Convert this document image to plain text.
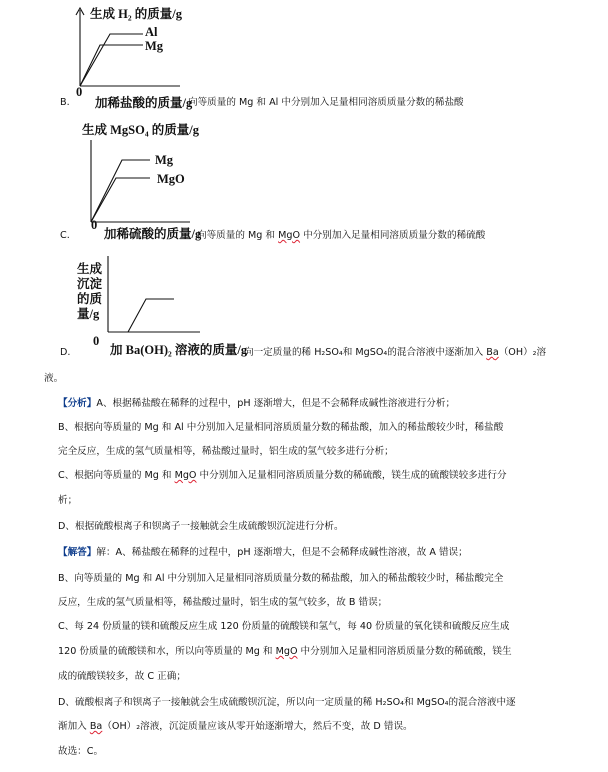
生成 H₂ 的质量/g
Al
Mg
0
B. 加稀盐酸的质量/g
向等质量的 Mg 和 Al 中分别加入足量相同溶质质量分数的稀盐酸
生成 MgSO₄ 的质量/g
Mg
MgO
0
C.	加稀硫酸的质量/g
向等质量的 Mg 和 MgO 中分别加入足量相同溶质质量分数的稀硫酸
生成
沉淀
的质
量/g
0
D.	加 Ba(OH)₂ 溶液的质量/g
向一定质量的稀 H₂SO₄和 MgSO₄的混合溶液中逐渐加入 Ba（OH）₂溶
液。
【分析】A、根据稀盐酸在稀释的过程中，pH 逐渐增大，但是不会稀释成碱性溶液进行分析；
B、根据向等质量的 Mg 和 Al 中分别加入足量相同溶质质量分数的稀盐酸，加入的稀盐酸较少时，稀盐酸
完全反应，生成的氢气质量相等，稀盐酸过量时，铝生成的氢气较多进行分析；
C、根据向等质量的 Mg 和 MgO 中分别加入足量相同溶质质量分数的稀硫酸，镁生成的硫酸镁较多进行分
析；
D、根据硫酸根离子和钡离子一接触就会生成硫酸钡沉淀进行分析。
【解答】解：A、稀盐酸在稀释的过程中，pH 逐渐增大，但是不会稀释成碱性溶液，故 A 错误；
B、向等质量的 Mg 和 Al 中分别加入足量相同溶质质量分数的稀盐酸，加入的稀盐酸较少时，稀盐酸完全
反应，生成的氢气质量相等，稀盐酸过量时，铝生成的氢气较多，故 B 错误；
C、每 24 份质量的镁和硫酸反应生成 120 份质量的硫酸镁和氢气，每 40 份质量的氧化镁和硫酸反应生成
120 份质量的硫酸镁和水，所以向等质量的 Mg 和 MgO 中分别加入足量相同溶质质量分数的稀硫酸，镁生
成的硫酸镁较多，故 C 正确；
D、硫酸根离子和钡离子一接触就会生成硫酸钡沉淀，所以向一定质量的稀 H₂SO₄和 MgSO₄的混合溶液中逐
渐加入 Ba（OH）₂溶液，沉淀质量应该从零开始逐渐增大，然后不变，故 D 错误。
故选：C。
